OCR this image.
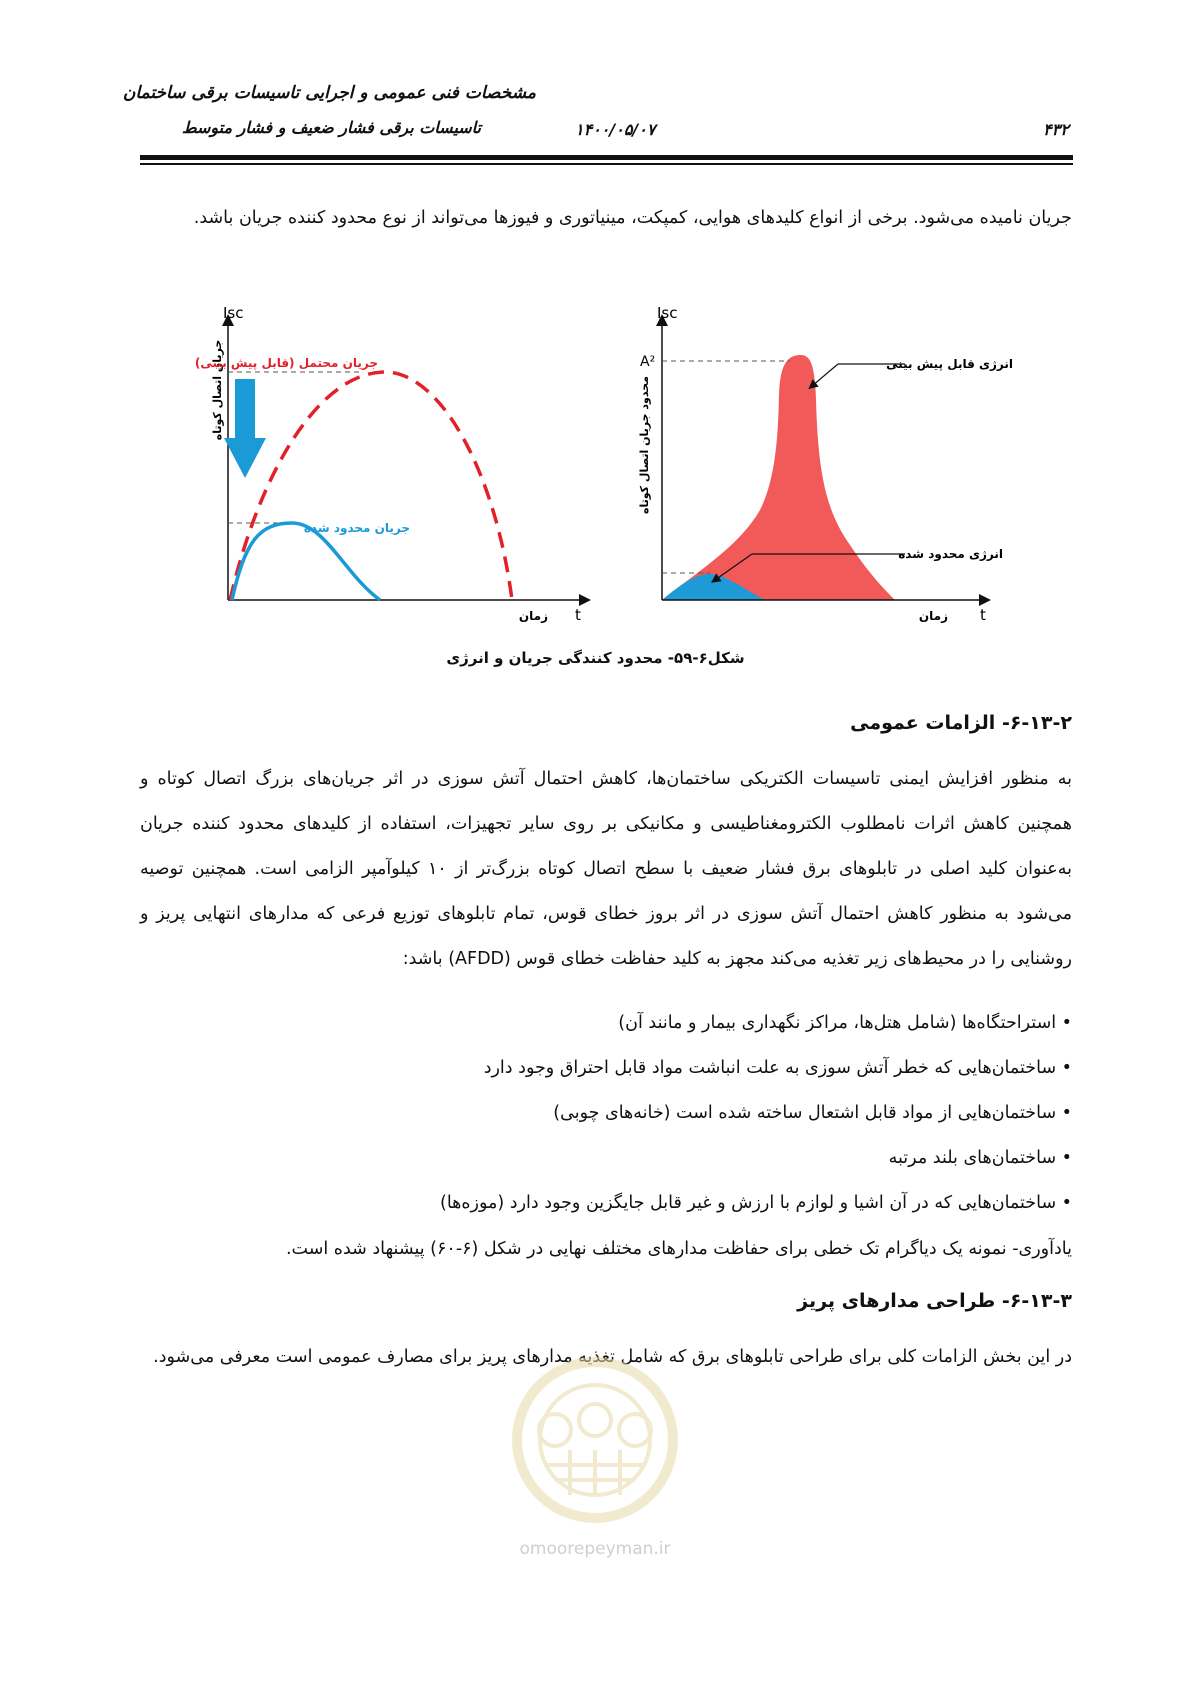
مشخصات فنی عمومی و اجرایی تاسیسات برقی ساختمان
تاسیسات برقی فشار ضعیف و فشار متوسط	۱۴۰۰/۰۵/۰۷	۴۳۲
جریان نامیده می‌شود. برخی از انواع کلیدهای هوایی، کمپکت، مینیاتوری و فیوزها می‌تواند از نوع محدود کننده جریان باشد.
Isc
t
زمان
جریان اتصال کوتاه
جریان محتمل (قابل پیش بینی)
جریان محدود شده
Isc
A²
t
زمان
محدود جریان اتصال کوتاه
انرژی قابل پیش بینی
انرژی محدود شده
شکل۶-۵۹- محدود کنندگی جریان و انرژی
۶-۱۳-۲- الزامات عمومی
به منظور افزایش ایمنی تاسیسات الکتریکی ساختمان‌ها، کاهش احتمال آتش سوزی در اثر جریان‌های بزرگ اتصال کوتاه و همچنین کاهش اثرات نامطلوب الکترومغناطیسی و مکانیکی بر روی سایر تجهیزات، استفاده از کلیدهای محدود کننده جریان به‌عنوان کلید اصلی در تابلوهای برق فشار ضعیف با سطح اتصال کوتاه بزرگ‌تر از ۱۰ کیلوآمپر الزامی است. همچنین توصیه می‌شود به منظور کاهش احتمال آتش سوزی در اثر بروز خطای قوس، تمام تابلوهای توزیع فرعی که مدارهای انتهایی پریز و روشنایی را در محیط‌های زیر تغذیه می‌کند مجهز به کلید حفاظت خطای قوس (AFDD) باشد:
• استراحتگاه‌ها (شامل هتل‌ها، مراکز نگهداری بیمار و مانند آن)
• ساختمان‌هایی که خطر آتش سوزی به علت انباشت مواد قابل احتراق وجود دارد
• ساختمان‌هایی از مواد قابل اشتعال ساخته شده است (خانه‌های چوبی)
• ساختمان‌های بلند مرتبه
• ساختمان‌هایی که در آن اشیا و لوازم با ارزش و غیر قابل جایگزین وجود دارد (موزه‌ها)
یادآوری- نمونه یک دیاگرام تک خطی برای حفاظت مدارهای مختلف نهایی در شکل (۶-۶۰) پیشنهاد شده است.
۶-۱۳-۳- طراحی مدارهای پریز
در این بخش الزامات کلی برای طراحی تابلوهای برق که شامل تغذیه مدارهای پریز برای مصارف عمومی است معرفی می‌شود.
omoorepeyman.ir
